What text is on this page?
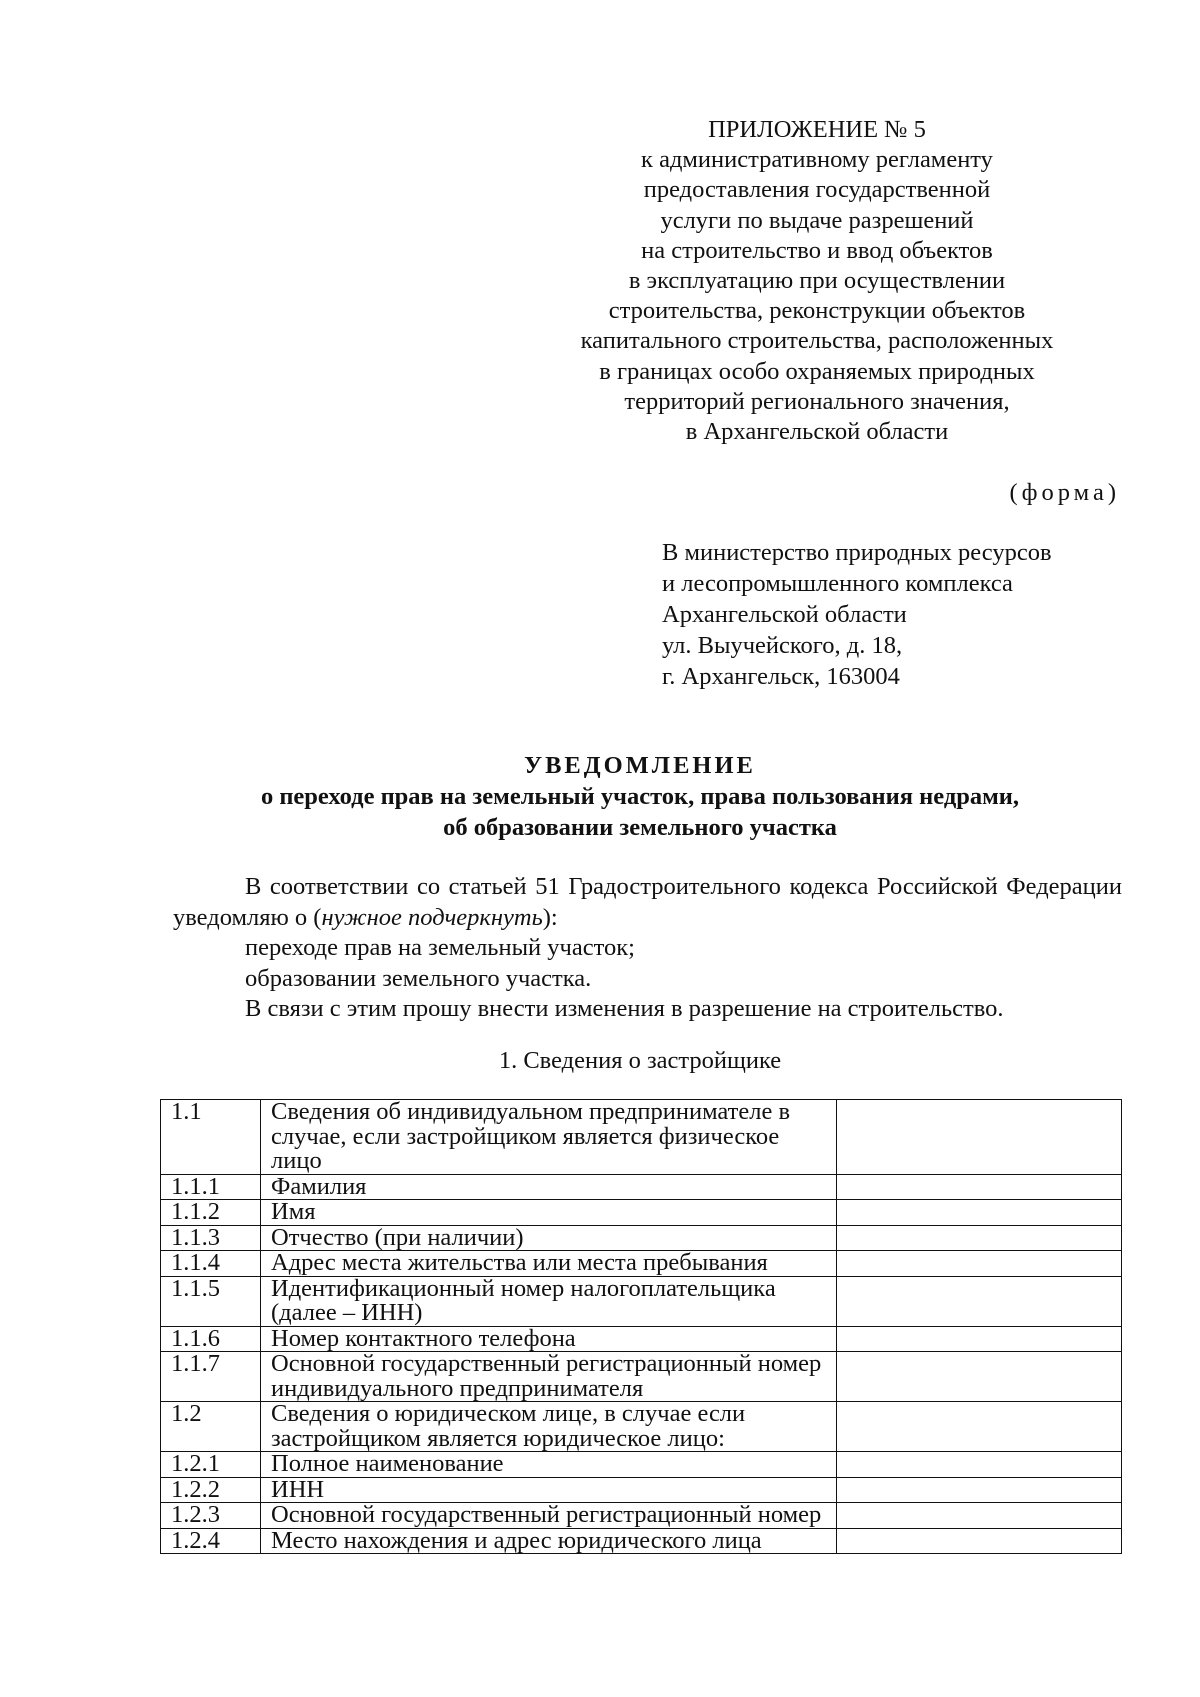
ПРИЛОЖЕНИЕ № 5
к административному регламенту
предоставления государственной
услуги по выдаче разрешений
на строительство и ввод объектов
в эксплуатацию при осуществлении
строительства, реконструкции объектов
капитального строительства, расположенных
в границах особо охраняемых природных
территорий регионального значения,
в Архангельской области
(форма)
В министерство природных ресурсов
и лесопромышленного комплекса
Архангельской области
ул. Выучейского, д. 18,
г. Архангельск, 163004
УВЕДОМЛЕНИЕ
о переходе прав на земельный участок, права пользования недрами,
об образовании земельного участка

В соответствии со статьей 51 Градостроительного кодекса Российской Федерации уведомляю о (нужное подчеркнуть):

переходе прав на земельный участок;

образовании земельного участка.

В связи с этим прошу внести изменения в разрешение на строительство.

1. Сведения о застройщике
1.1	Сведения об индивидуальном предпринимателе в случае, если застройщиком является физическое лицо	
1.1.1	Фамилия	
1.1.2	Имя	
1.1.3	Отчество (при наличии)	
1.1.4	Адрес места жительства или места пребывания	
1.1.5	Идентификационный номер налогоплательщика (далее – ИНН)	
1.1.6	Номер контактного телефона	
1.1.7	Основной государственный регистрационный номер индивидуального предпринимателя	
1.2	Сведения о юридическом лице, в случае если застройщиком является юридическое лицо:	
1.2.1	Полное наименование	
1.2.2	ИНН	
1.2.3	Основной государственный регистрационный номер	
1.2.4	Место нахождения и адрес юридического лица	
